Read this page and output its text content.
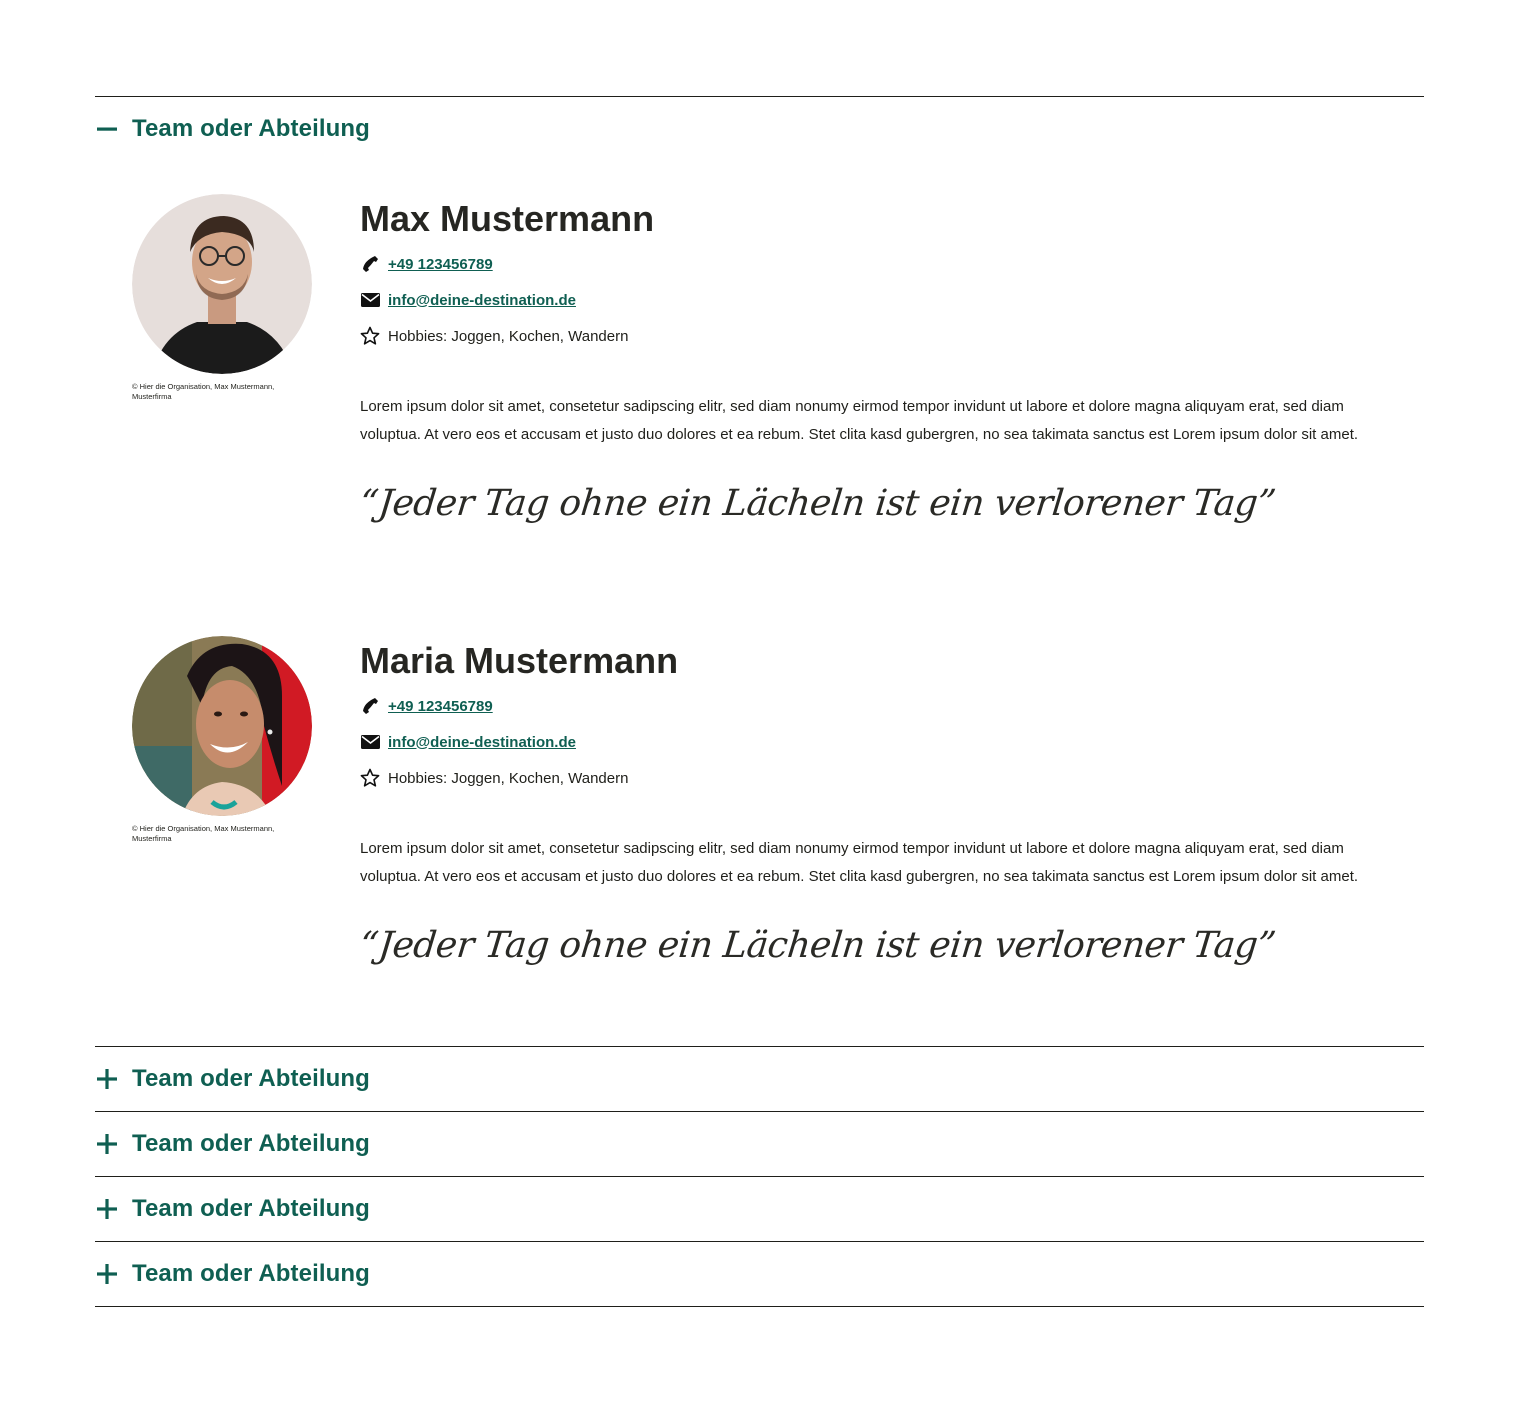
Team oder Abteilung
© Hier die Organisation, Max Mustermann, Musterfirma
Max Mustermann
+49 123456789
info@deine-destination.de
Hobbies: Joggen, Kochen, Wandern
Lorem ipsum dolor sit amet, consetetur sadipscing elitr, sed diam nonumy eirmod tempor invidunt ut labore et dolore magna aliquyam erat, sed diam voluptua. At vero eos et accusam et justo duo dolores et ea rebum. Stet clita kasd gubergren, no sea takimata sanctus est Lorem ipsum dolor sit amet.
“Jeder Tag ohne ein Lächeln ist ein verlorener Tag”
© Hier die Organisation, Max Mustermann, Musterfirma
Maria Mustermann
+49 123456789
info@deine-destination.de
Hobbies: Joggen, Kochen, Wandern
Lorem ipsum dolor sit amet, consetetur sadipscing elitr, sed diam nonumy eirmod tempor invidunt ut labore et dolore magna aliquyam erat, sed diam voluptua. At vero eos et accusam et justo duo dolores et ea rebum. Stet clita kasd gubergren, no sea takimata sanctus est Lorem ipsum dolor sit amet.
“Jeder Tag ohne ein Lächeln ist ein verlorener Tag”
Team oder Abteilung
Team oder Abteilung
Team oder Abteilung
Team oder Abteilung
